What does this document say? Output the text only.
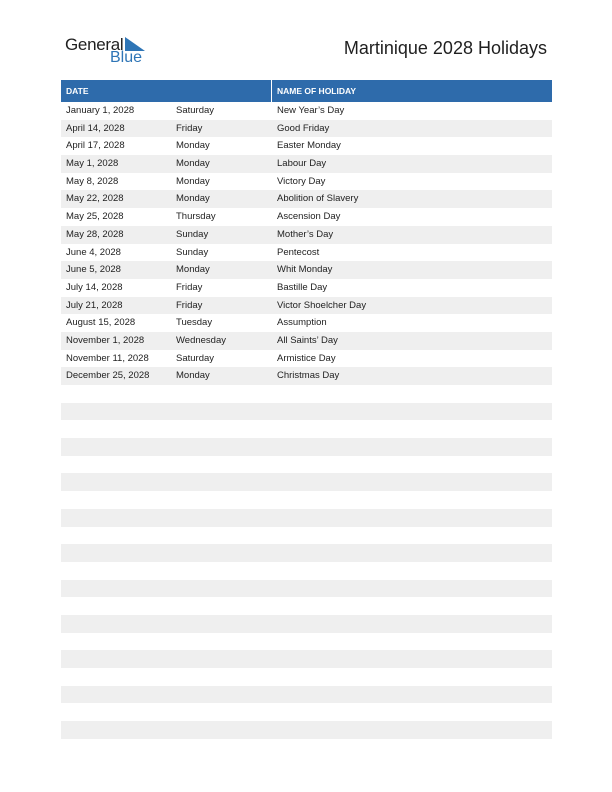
General
Blue	Martinique 2028 Holidays
DATE	NAME OF HOLIDAY
January 1, 2028	Saturday	New Year’s Day
April 14, 2028	Friday	Good Friday
April 17, 2028	Monday	Easter Monday
May 1, 2028	Monday	Labour Day
May 8, 2028	Monday	Victory Day
May 22, 2028	Monday	Abolition of Slavery
May 25, 2028	Thursday	Ascension Day
May 28, 2028	Sunday	Mother’s Day
June 4, 2028	Sunday	Pentecost
June 5, 2028	Monday	Whit Monday
July 14, 2028	Friday	Bastille Day
July 21, 2028	Friday	Victor Shoelcher Day
August 15, 2028	Tuesday	Assumption
November 1, 2028	Wednesday	All Saints’ Day
November 11, 2028	Saturday	Armistice Day
December 25, 2028	Monday	Christmas Day
